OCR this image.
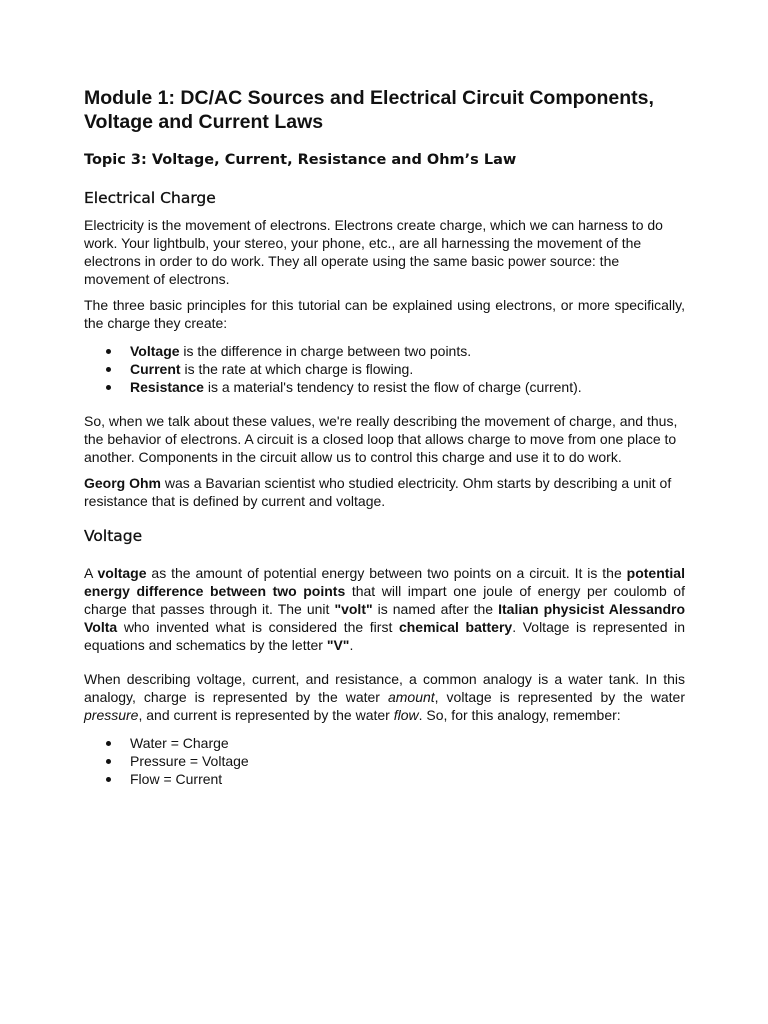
Module 1: DC/AC Sources and Electrical Circuit Components,
Voltage and Current Laws
Topic 3: Voltage, Current, Resistance and Ohm’s Law
Electrical Charge

Electricity is the movement of electrons. Electrons create charge, which we can harness to do work. Your lightbulb, your stereo, your phone, etc., are all harnessing the movement of the electrons in order to do work. They all operate using the same basic power source: the movement of electrons.

The three basic principles for this tutorial can be explained using electrons, or more specifically, the charge they create:

Voltage is the difference in charge between two points.
Current is the rate at which charge is flowing.
Resistance is a material's tendency to resist the flow of charge (current).

So, when we talk about these values, we're really describing the movement of charge, and thus, the behavior of electrons. A circuit is a closed loop that allows charge to move from one place to another. Components in the circuit allow us to control this charge and use it to do work.

Georg Ohm was a Bavarian scientist who studied electricity. Ohm starts by describing a unit of resistance that is defined by current and voltage.

Voltage

A voltage as the amount of potential energy between two points on a circuit. It is the potential energy difference between two points that will impart one joule of energy per coulomb of charge that passes through it. The unit "volt" is named after the Italian physicist Alessandro Volta who invented what is considered the first chemical battery. Voltage is represented in equations and schematics by the letter "V".

When describing voltage, current, and resistance, a common analogy is a water tank. In this analogy, charge is represented by the water amount, voltage is represented by the water pressure, and current is represented by the water flow. So, for this analogy, remember:

Water = Charge
Pressure = Voltage
Flow = Current
